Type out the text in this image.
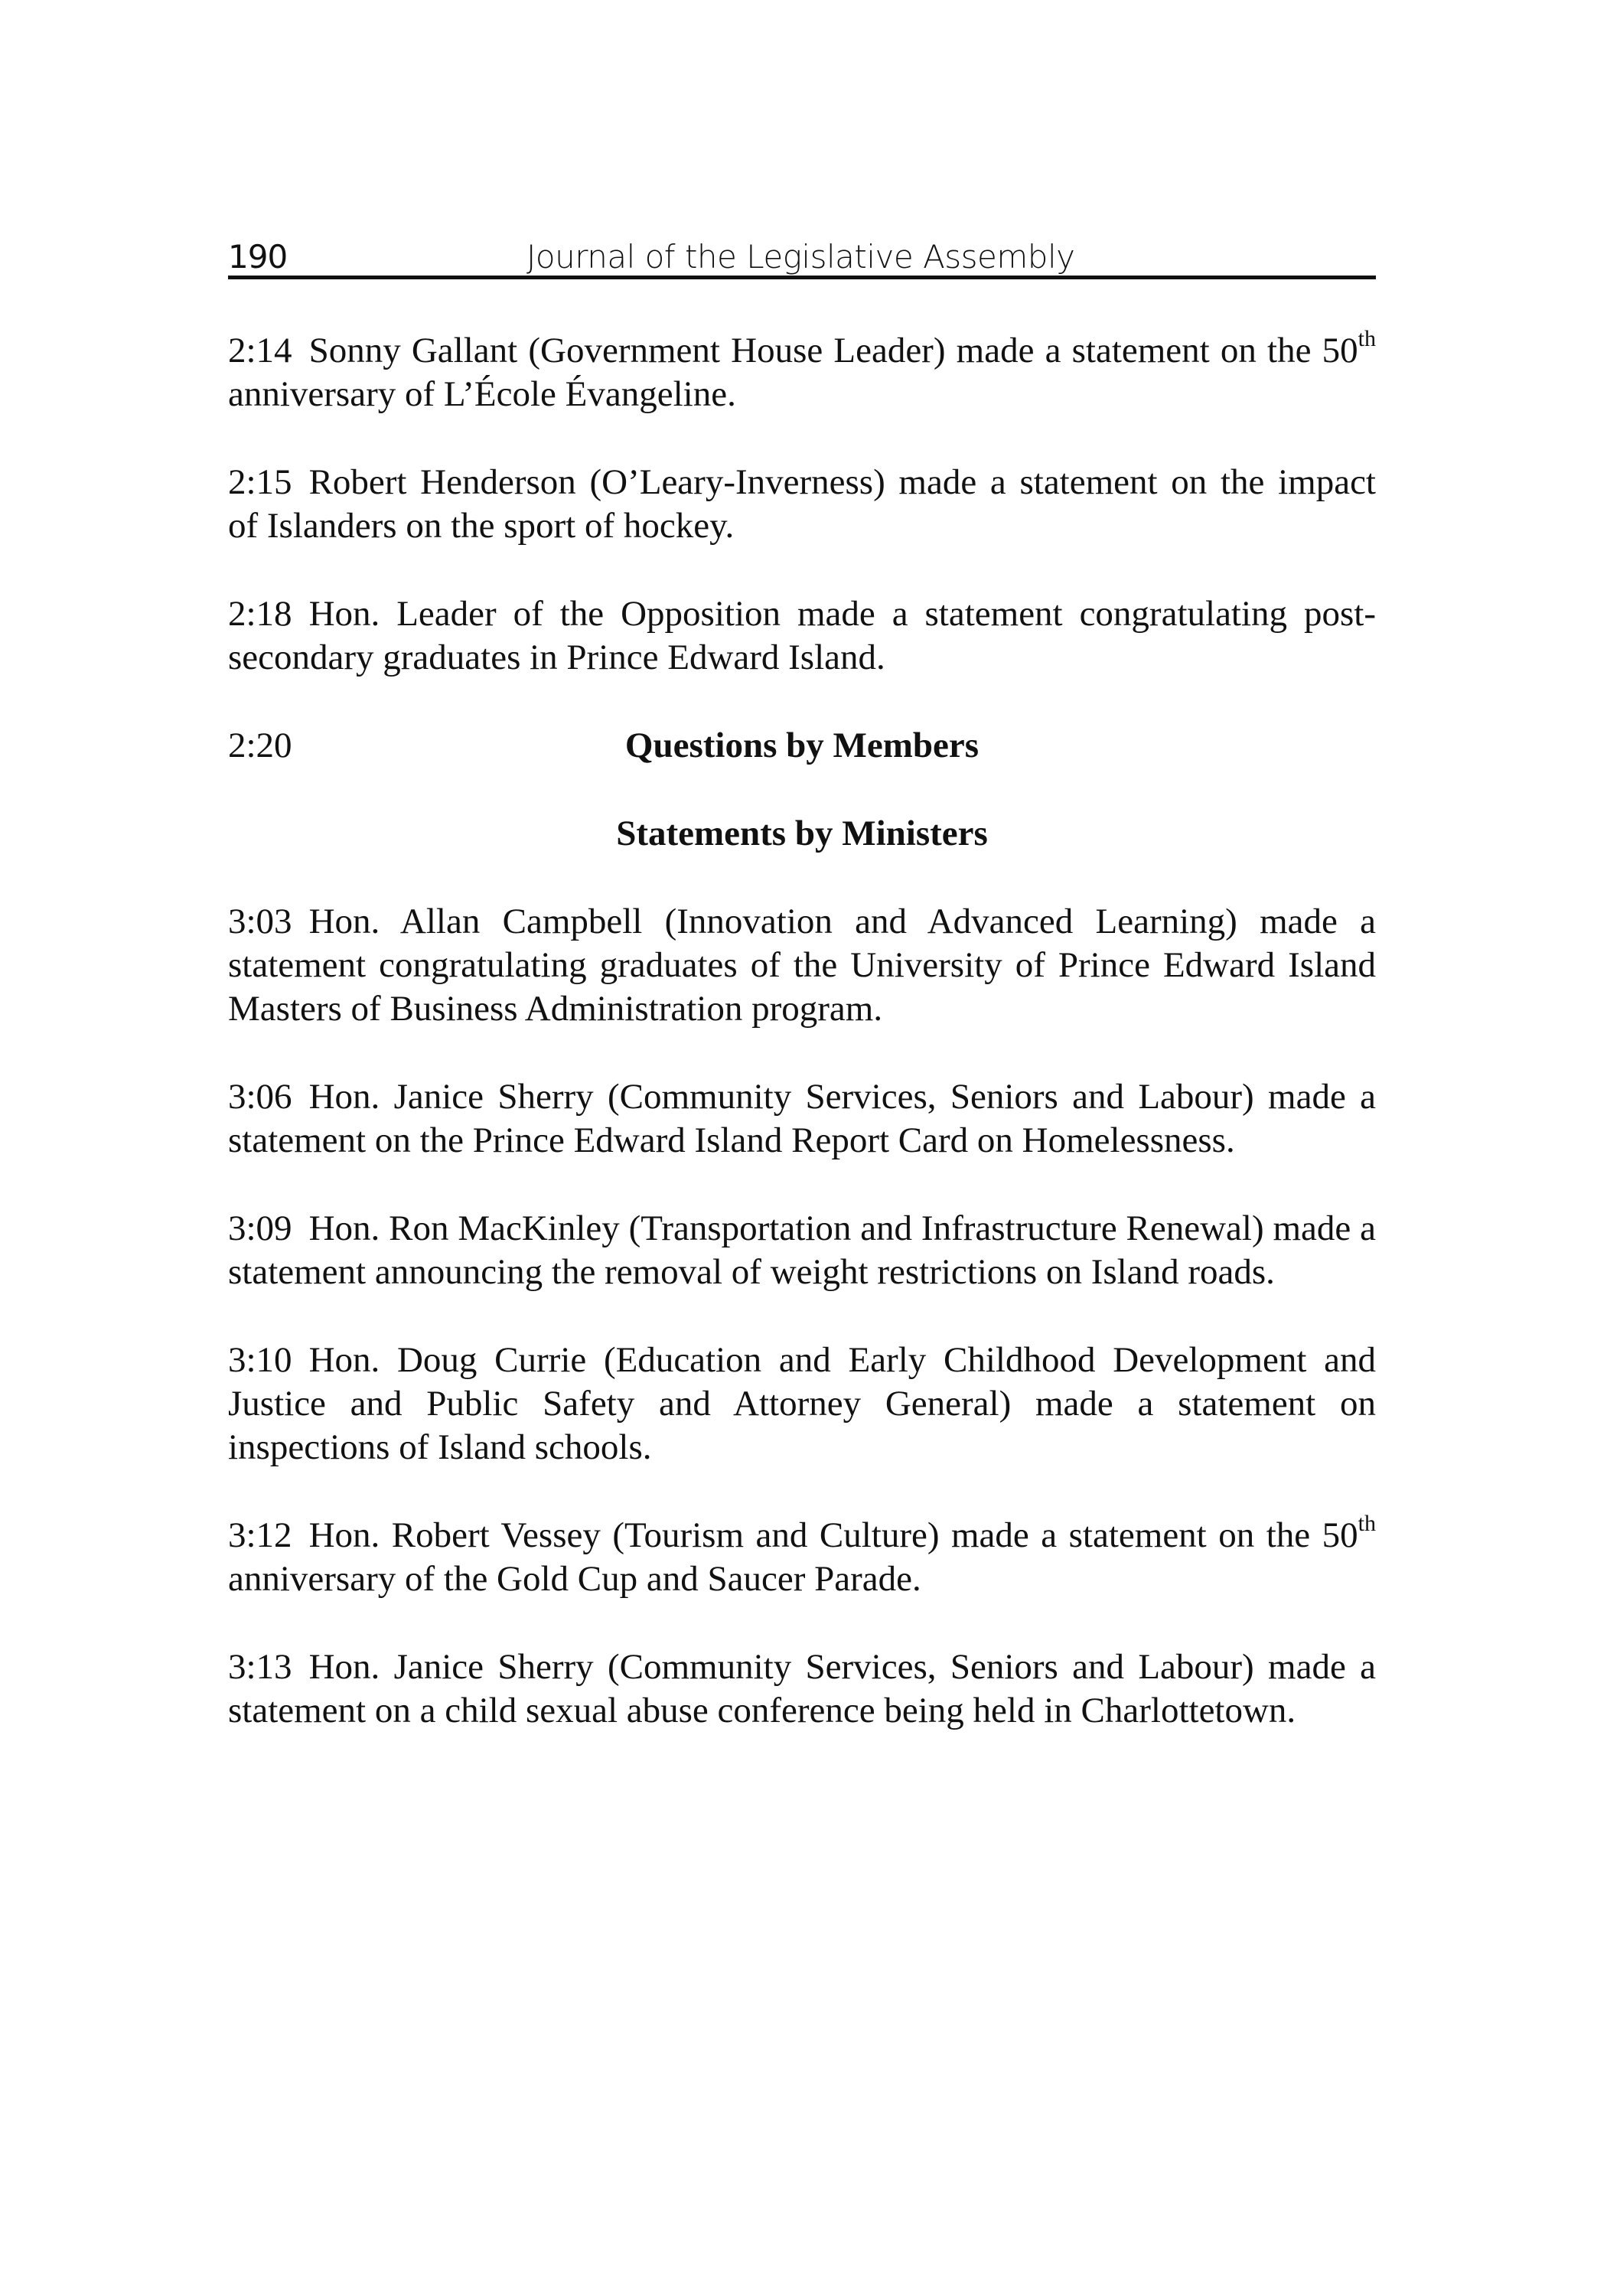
190	Journal of the Legislative Assembly

2:14 Sonny Gallant (Government House Leader) made a statement on the 50th anniversary of L’École Évangeline.

2:15 Robert Henderson (O’Leary-Inverness) made a statement on the impact of Islanders on the sport of hockey.

2:18 Hon. Leader of the Opposition made a statement congratulating post-secondary graduates in Prince Edward Island.

2:20	Questions by Members
Statements by Ministers

3:03 Hon. Allan Campbell (Innovation and Advanced Learning) made a statement congratulating graduates of the University of Prince Edward Island Masters of Business Administration program.

3:06 Hon. Janice Sherry (Community Services, Seniors and Labour) made a statement on the Prince Edward Island Report Card on Homelessness.

3:09 Hon. Ron MacKinley (Transportation and Infrastructure Renewal) made a statement announcing the removal of weight restrictions on Island roads.

3:10 Hon. Doug Currie (Education and Early Childhood Development and Justice and Public Safety and Attorney General) made a statement on inspections of Island schools.

3:12 Hon. Robert Vessey (Tourism and Culture) made a statement on the 50th anniversary of the Gold Cup and Saucer Parade.

3:13 Hon. Janice Sherry (Community Services, Seniors and Labour) made a statement on a child sexual abuse conference being held in Charlottetown.
